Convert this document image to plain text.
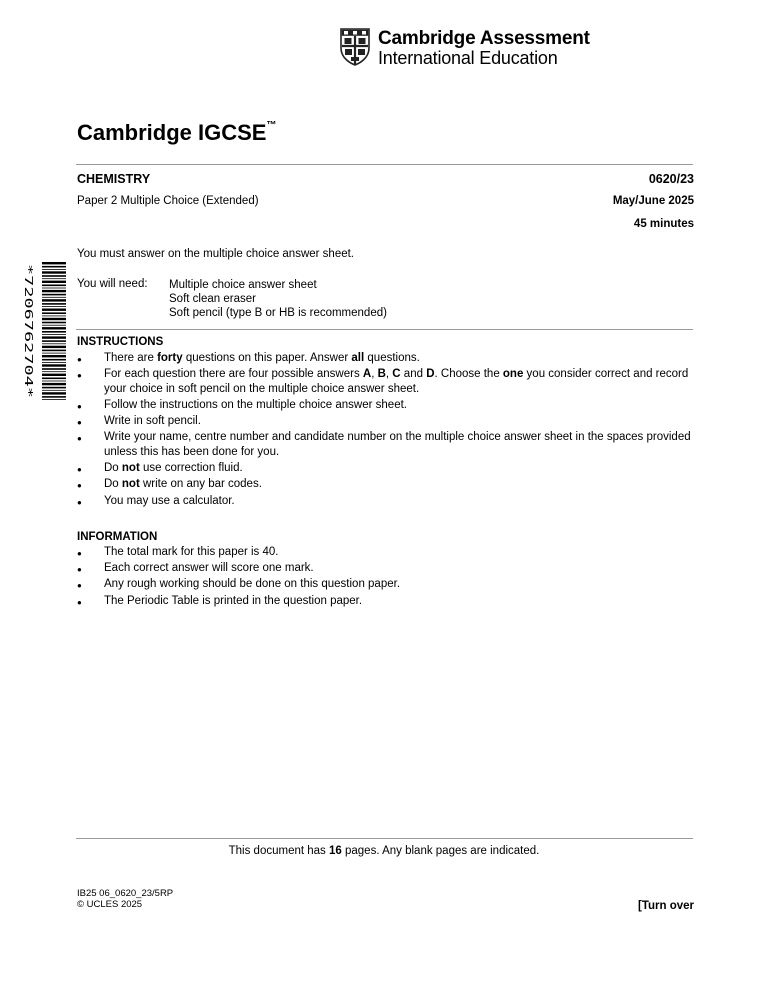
Cambridge Assessment
International Education
Cambridge IGCSE™
CHEMISTRY	0620/23
Paper 2 Multiple Choice (Extended)	May/June 2025
45 minutes
You must answer on the multiple choice answer sheet.
You will need: Multiple choice answer sheet
Soft clean eraser
Soft pencil (type B or HB is recommended)
*7206762704*
INSTRUCTIONS
● There are forty questions on this paper. Answer all questions.
● For each question there are four possible answers A, B, C and D. Choose the one you consider correct and record your choice in soft pencil on the multiple choice answer sheet.
● Follow the instructions on the multiple choice answer sheet.
● Write in soft pencil.
● Write your name, centre number and candidate number on the multiple choice answer sheet in the spaces provided unless this has been done for you.
● Do not use correction fluid.
● Do not write on any bar codes.
● You may use a calculator.
INFORMATION
● The total mark for this paper is 40.
● Each correct answer will score one mark.
● Any rough working should be done on this question paper.
● The Periodic Table is printed in the question paper.
This document has 16 pages. Any blank pages are indicated.
IB25 06_0620_23/5RP
© UCLES 2025	[Turn over
